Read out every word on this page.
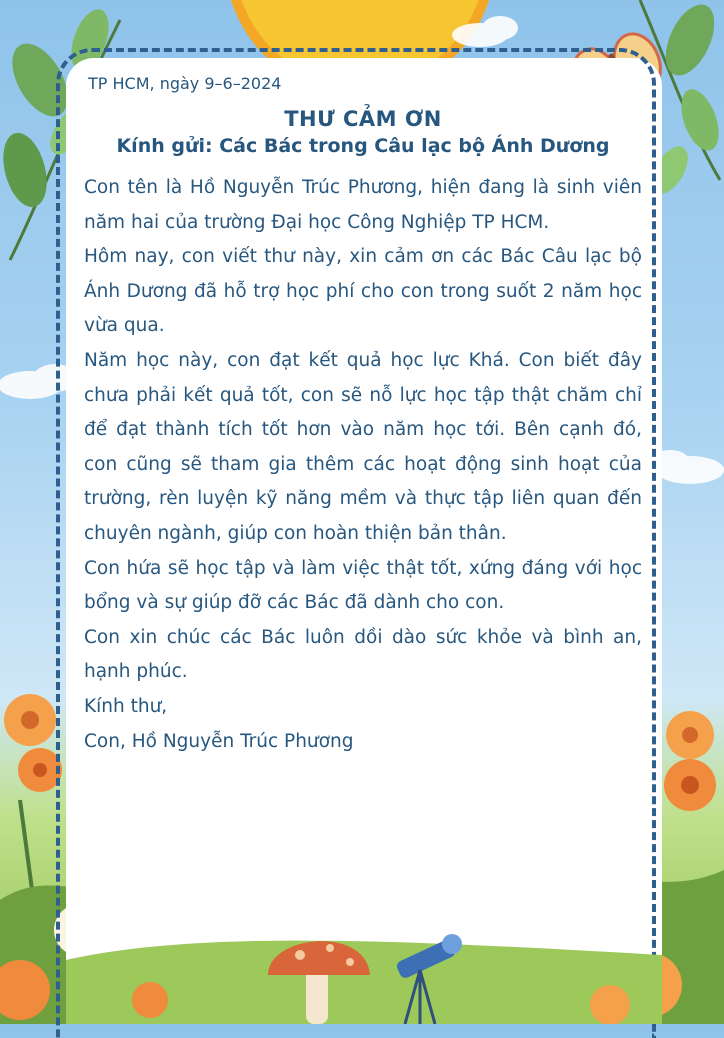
TP HCM, ngày 9–6–2024
THƯ CẢM ƠN
Kính gửi: Các Bác trong Câu lạc bộ Ánh Dương

Con tên là Hồ Nguyễn Trúc Phương, hiện đang là sinh viên năm hai của trường Đại học Công Nghiệp TP HCM.

Hôm nay, con viết thư này, xin cảm ơn các Bác Câu lạc bộ Ánh Dương đã hỗ trợ học phí cho con trong suốt 2 năm học vừa qua.

Năm học này, con đạt kết quả học lực Khá. Con biết đây chưa phải kết quả tốt, con sẽ nỗ lực học tập thật chăm chỉ để đạt thành tích tốt hơn vào năm học tới. Bên cạnh đó, con cũng sẽ tham gia thêm các hoạt động sinh hoạt của trường, rèn luyện kỹ năng mềm và thực tập liên quan đến chuyên ngành, giúp con hoàn thiện bản thân.

Con hứa sẽ học tập và làm việc thật tốt, xứng đáng với học bổng và sự giúp đỡ các Bác đã dành cho con.

Con xin chúc các Bác luôn dồi dào sức khỏe và bình an, hạnh phúc.

Kính thư,

Con, Hồ Nguyễn Trúc Phương
